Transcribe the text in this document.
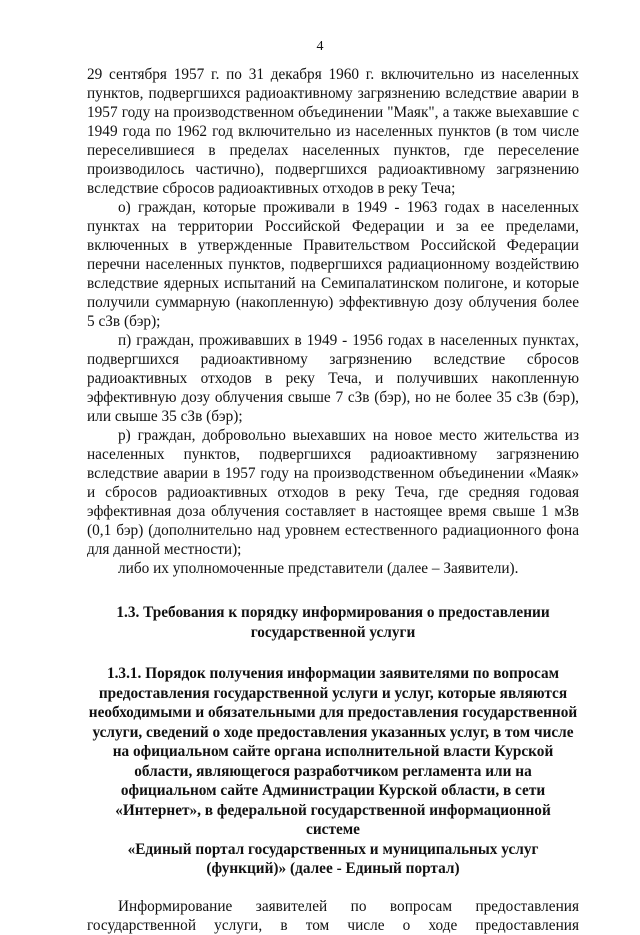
4

29 сентября 1957 г. по 31 декабря 1960 г. включительно из населенных пунктов, подвергшихся радиоактивному загрязнению вследствие аварии в 1957 году на производственном объединении "Маяк", а также выехавшие с 1949 года по 1962 год включительно из населенных пунктов (в том числе переселившиеся в пределах населенных пунктов, где переселение производилось частично), подвергшихся радиоактивному загрязнению вследствие сбросов радиоактивных отходов в реку Теча;

о) граждан, которые проживали в 1949 - 1963 годах в населенных пунктах на территории Российской Федерации и за ее пределами, включенных в утвержденные Правительством Российской Федерации перечни населенных пунктов, подвергшихся радиационному воздействию вследствие ядерных испытаний на Семипалатинском полигоне, и которые получили суммарную (накопленную) эффективную дозу облучения более 5 сЗв (бэр);

п) граждан, проживавших в 1949 - 1956 годах в населенных пунктах, подвергшихся радиоактивному загрязнению вследствие сбросов радиоактивных отходов в реку Теча, и получивших накопленную эффективную дозу облучения свыше 7 сЗв (бэр), но не более 35 сЗв (бэр), или свыше 35 сЗв (бэр);

р) граждан, добровольно выехавших на новое место жительства из населенных пунктов, подвергшихся радиоактивному загрязнению вследствие аварии в 1957 году на производственном объединении «Маяк» и сбросов радиоактивных отходов в реку Теча, где средняя годовая эффективная доза облучения составляет в настоящее время свыше 1 мЗв (0,1 бэр) (дополнительно над уровнем естественного радиационного фона для данной местности);

либо их уполномоченные представители (далее – Заявители).

1.3. Требования к порядку информирования о предоставлении
государственной услуги
1.3.1. Порядок получения информации заявителями по вопросам
предоставления государственной услуги и услуг, которые являются
необходимыми и обязательными для предоставления государственной
услуги, сведений о ходе предоставления указанных услуг, в том числе
на официальном сайте органа исполнительной власти Курской
области, являющегося разработчиком регламента или на
официальном сайте Администрации Курской области, в сети
«Интернет», в федеральной государственной информационной системе
«Единый портал государственных и муниципальных услуг
(функций)» (далее - Единый портал)

Информирование заявителей по вопросам предоставления государственной услуги, в том числе о ходе предоставления
